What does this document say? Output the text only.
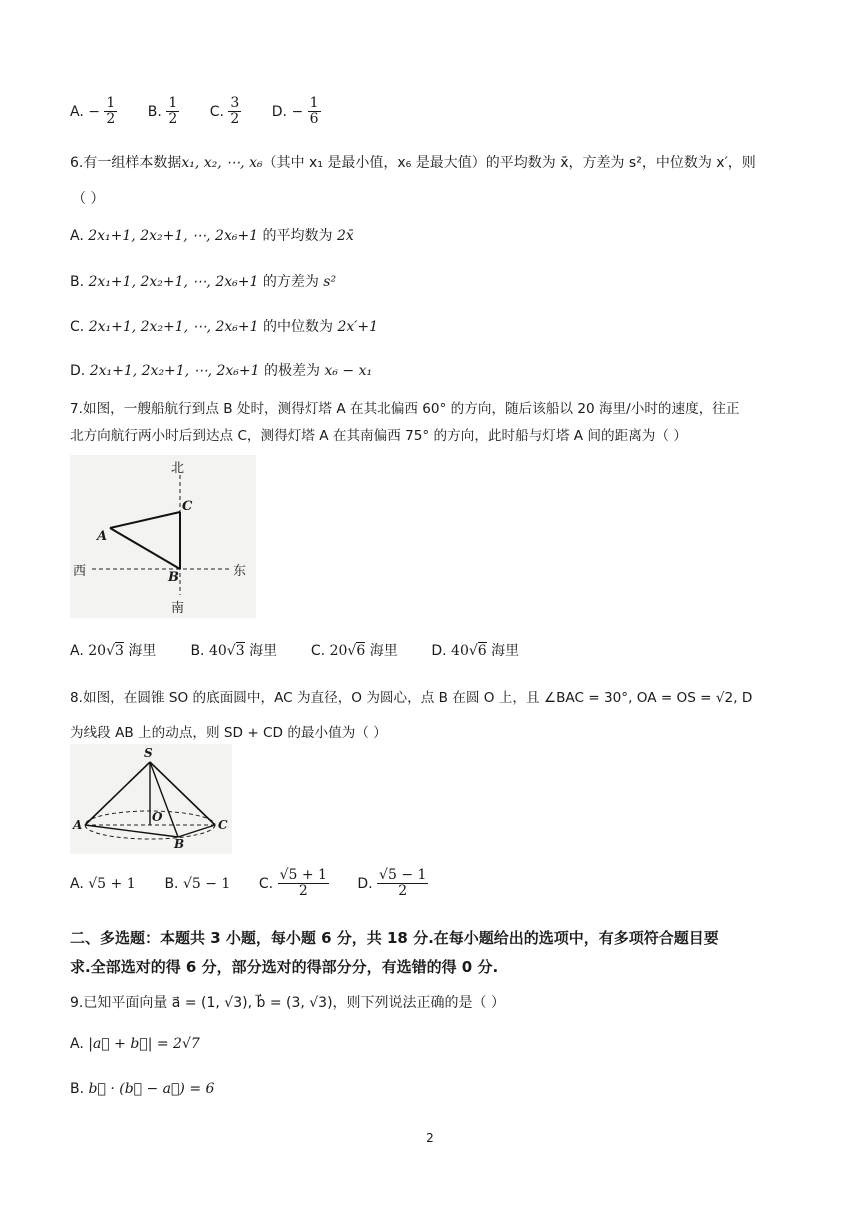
A. − $\frac{1}{2} B$. $\frac{1}{2} C$. $\frac{3}{2} D$. − $\frac{1}{6}$
6.有一组样本数据x₁, x₂, ⋯, x₆（其中 x₁ 是最小值，x₆ 是最大值）的平均数为 x̄，方差为 s²，中位数为 x′，则
（ ）
A. 2x₁+1, 2x₂+1, ⋯, 2x₆+1 的平均数为 2x̄
B. 2x₁+1, 2x₂+1, ⋯, 2x₆+1 的方差为 s²
C. 2x₁+1, 2x₂+1, ⋯, 2x₆+1 的中位数为 2x′+1
D. 2x₁+1, 2x₂+1, ⋯, 2x₆+1 的极差为 x₆ − x₁
7.如图，一艘船航行到点 B 处时，测得灯塔 A 在其北偏西 60° 的方向，随后该船以 20 海里/小时的速度，往正
北方向航行两小时后到达点 C，测得灯塔 A 在其南偏西 75° 的方向，此时船与灯塔 A 间的距离为（ ）
北
南
西	东
C
A
B
A. 20√3 海里 B. 40√3 海里 C. 20√6 海里 D. 40√6 海里
8.如图，在圆锥 SO 的底面圆中，AC 为直径，O 为圆心，点 B 在圆 O 上，且 ∠BAC = 30°, OA = OS = √2, D
为线段 AB 上的动点，则 SD + CD 的最小值为（ ）
S
A
O
C
B
A. √5 + 1 B. √5 − 1 C. $\frac{√5 + 1}{2} D$. $\frac{√5 - 1}{2}$
二、多选题：本题共 3 小题，每小题 6 分，共 18 分.在每小题给出的选项中，有多项符合题目要
求.全部选对的得 6 分，部分选对的得部分分，有选错的得 0 分.
9.已知平面向量 a⃗ = (1, √3), b⃗ = (3, √3)，则下列说法正确的是（ ）
A. |a⃗ + b⃗| = 2√7
B. b⃗ · (b⃗ − a⃗) = 6
2
